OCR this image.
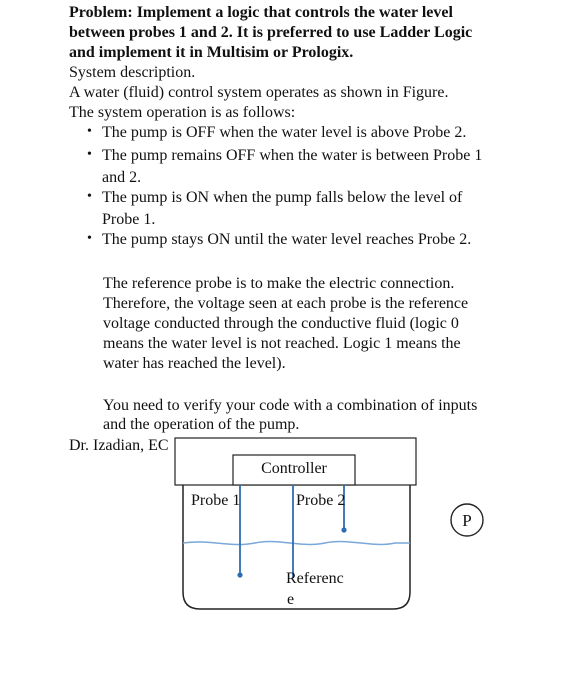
Problem: Implement a logic that controls the water level
between probes 1 and 2. It is preferred to use Ladder Logic
and implement it in Multisim or Prologix.
System description.
A water (fluid) control system operates as shown in Figure.
The system operation is as follows:
• The pump is OFF when the water level is above Probe 2.
• The pump remains OFF when the water is between Probe 1
and 2.
• The pump is ON when the pump falls below the level of
Probe 1.
• The pump stays ON until the water level reaches Probe 2.
The reference probe is to make the electric connection.
Therefore, the voltage seen at each probe is the reference
voltage conducted through the conductive fluid (logic 0
means the water level is not reached. Logic 1 means the
water has reached the level).
You need to verify your code with a combination of inputs
and the operation of the pump.
Dr. Izadian, EC
Controller
Probe 1	Probe 2
Referenc
e
P
